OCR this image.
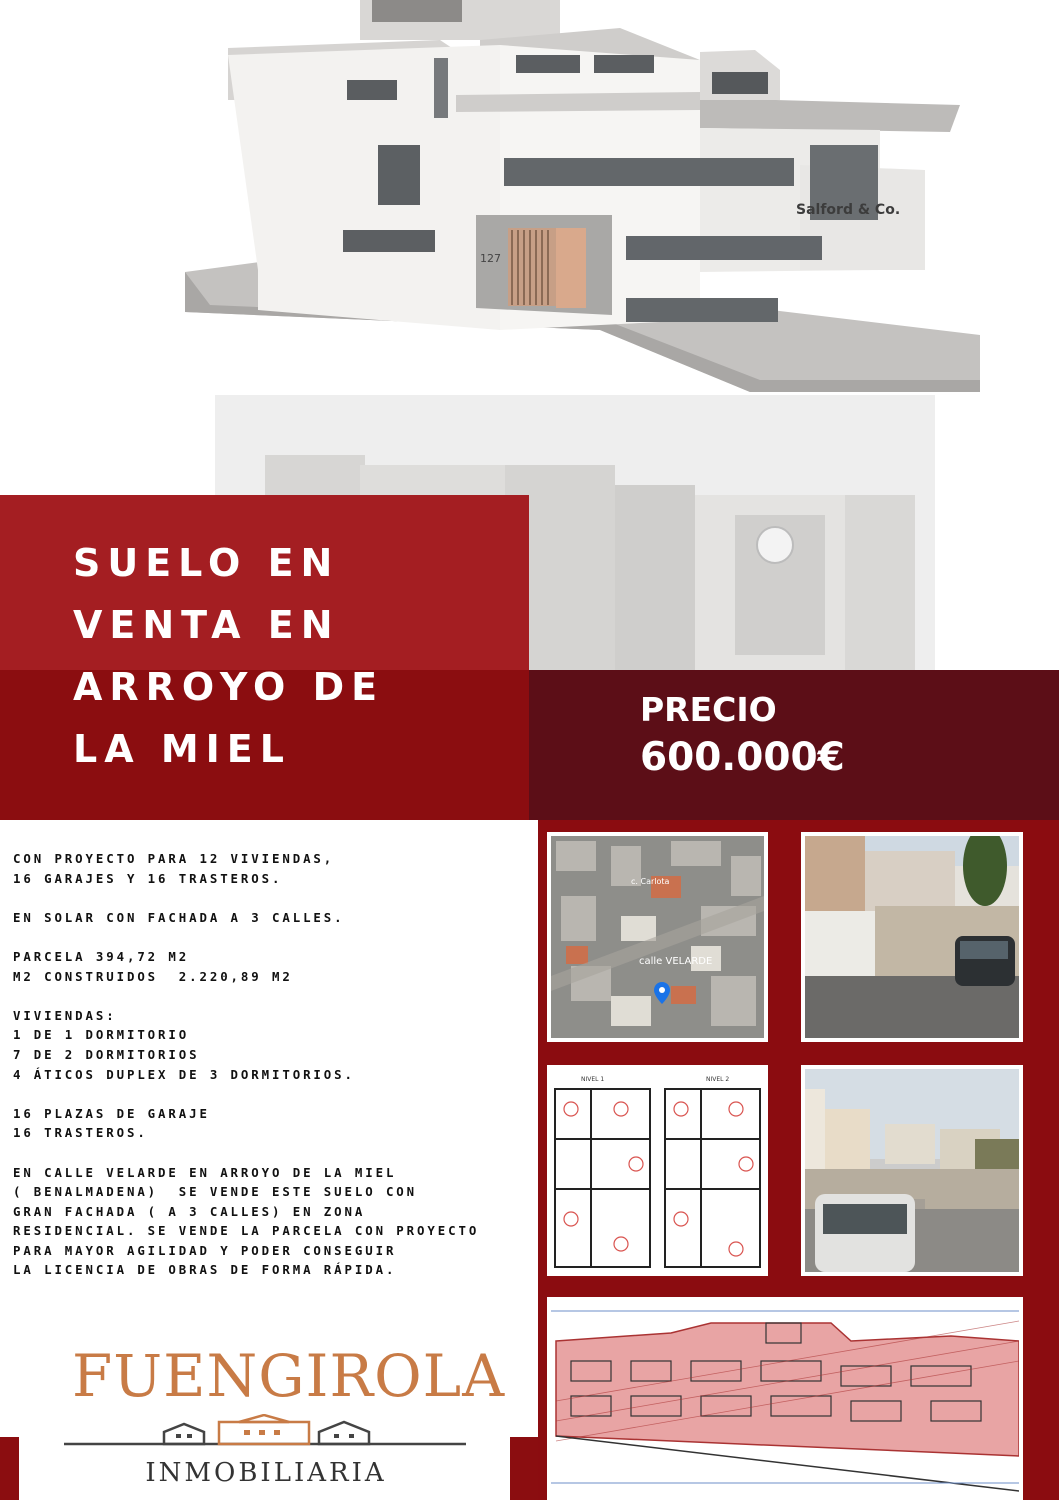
127
Salford & Co.
SUELO EN
VENTA EN
ARROYO DE
LA MIEL
PRECIO
600.000€

CON PROYECTO PARA 12 VIVIENDAS,
16 GARAJES Y 16 TRASTEROS.

EN SOLAR CON FACHADA A 3 CALLES.

PARCELA 394,72 M2
M2 CONSTRUIDOS  2.220,89 M2

VIVIENDAS:
1 DE 1 DORMITORIO
7 DE 2 DORMITORIOS
4 ÁTICOS DUPLEX DE 3 DORMITORIOS.

16 PLAZAS DE GARAJE
16 TRASTEROS.

EN CALLE VELARDE EN ARROYO DE LA MIEL
( BENALMADENA)  SE VENDE ESTE SUELO CON
GRAN FACHADA ( A 3 CALLES) EN ZONA
RESIDENCIAL. SE VENDE LA PARCELA CON PROYECTO
PARA MAYOR AGILIDAD Y PODER CONSEGUIR
LA LICENCIA DE OBRAS DE FORMA RÁPIDA.

calle VELARDE
c. Carlota
NIVEL 1	NIVEL 2
FUENGIROLA
INMOBILIARIA
